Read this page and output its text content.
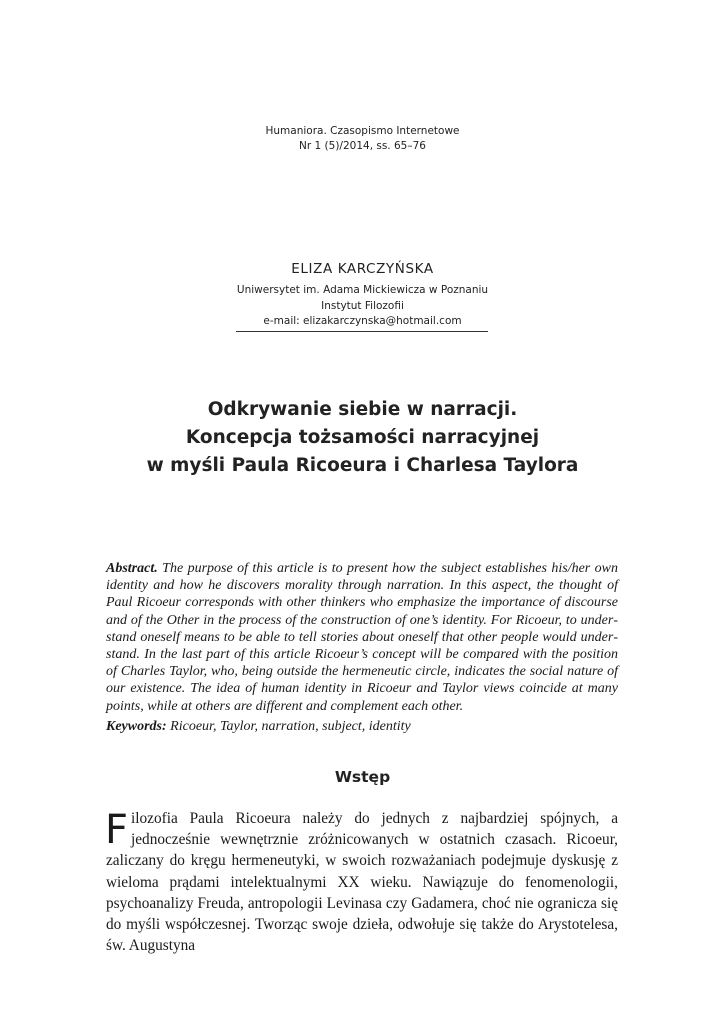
Humaniora. Czasopismo Internetowe
Nr 1 (5)/2014, ss. 65–76
ELIZA KARCZYŃSKA
Uniwersytet im. Adama Mickiewicza w Poznaniu
Instytut Filozofii
e-mail: elizakarczynska@hotmail.com
Odkrywanie siebie w narracji.
Koncepcja tożsamości narracyjnej
w myśli Paula Ricoeura i Charlesa Taylora
Abstract. The purpose of this article is to present how the subject establishes his/her own identity and how he discovers morality through narration. In this aspect, the thought of Paul Ricoeur corresponds with other thinkers who emphasize the importance of discourse and of the Other in the process of the construction of one’s identity. For Ricoeur, to understand oneself means to be able to tell stories about oneself that other people would understand. In the last part of this article Ricoeur’s concept will be compared with the position of Charles Taylor, who, being outside the hermeneutic circle, indicates the social nature of our existence. The idea of human identity in Ricoeur and Taylor views coincide at many points, while at others are different and complement each other.
Keywords: Ricoeur, Taylor, narration, subject, identity
Wstęp
Filozofia Paula Ricoeura należy do jednych z najbardziej spójnych, a jednocześnie wewnętrznie zróżnicowanych w ostatnich czasach. Ricoeur, zaliczany do kręgu hermeneutyki, w swoich rozważaniach podejmuje dyskusję z wieloma prądami intelektualnymi XX wieku. Nawiązuje do fenomenologii, psychoanalizy Freuda, antropologii Levinasa czy Gadamera, choć nie ogranicza się do myśli współczesnej. Tworząc swoje dzieła, odwołuje się także do Arystotelesa, św. Augustyna
